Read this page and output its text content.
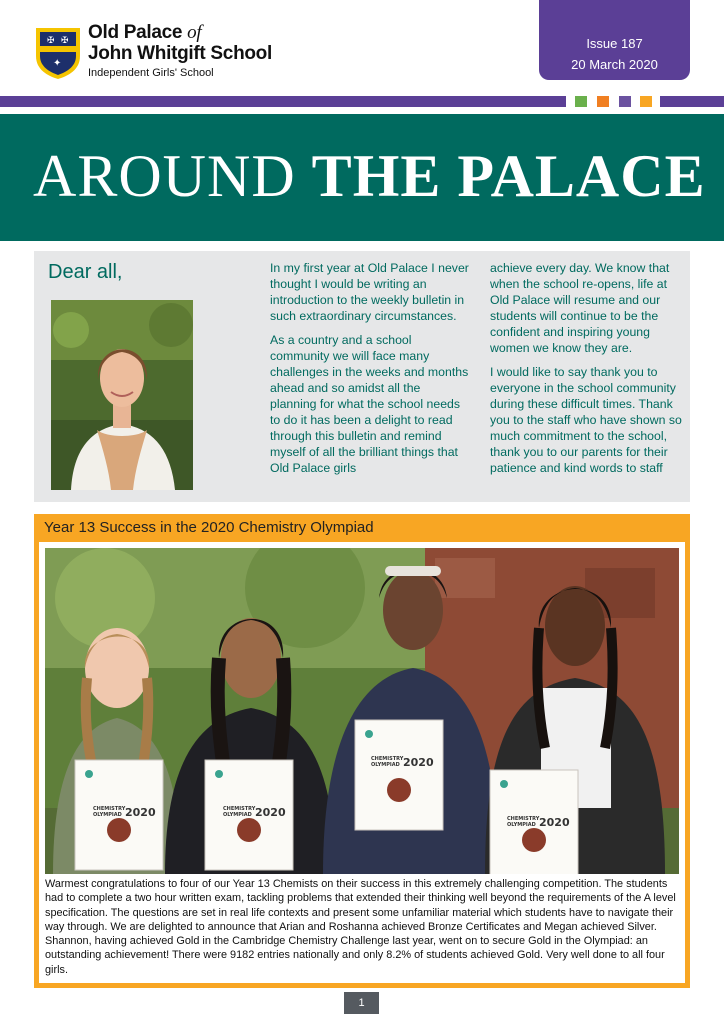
✠ ✠
✦
Old Palace of
John Whitgift School
Independent Girls' School
Issue 187
20 March 2020
AROUND THE PALACE
Dear all,	In my first year at Old Palace I never thought I would be writing an introduction to the weekly bulletin in such extraordinary circumstances.

As a country and a school community we will face many challenges in the weeks and months ahead and so amidst all the planning for what the school needs to do it has been a delight to read through this bulletin and remind myself of all the brilliant things that Old Palace girls

achieve every day. We know that when the school re-opens, life at Old Palace will resume and our students will continue to be the confident and inspiring young women we know they are.

I would like to say thank you to everyone in the school community during these difficult times. Thank you to the staff who have shown so much commitment to the school, thank you to our parents for their patience and kind words to staff

Year 13 Success in the 2020 Chemistry Olympiad
CHEMISTRY
OLYMPIAD 2020	CHEMISTRY
OLYMPIAD 2020
CHEMISTRY
OLYMPIAD 2020
CHEMISTRY
OLYMPIAD 2020
Warmest congratulations to four of our Year 13 Chemists on their success in this extremely challenging competition. The students had to complete a two hour written exam, tackling problems that extended their thinking well beyond the requirements of the A level specification. The questions are set in real life contexts and present some unfamiliar material which students have to navigate their way through. We are delighted to announce that Arian and Roshanna achieved Bronze Certificates and Megan achieved Silver. Shannon, having achieved Gold in the Cambridge Chemistry Challenge last year, went on to secure Gold in the Olympiad: an outstanding achievement! There were 9182 entries nationally and only 8.2% of students achieved Gold. Very well done to all four girls.
1
